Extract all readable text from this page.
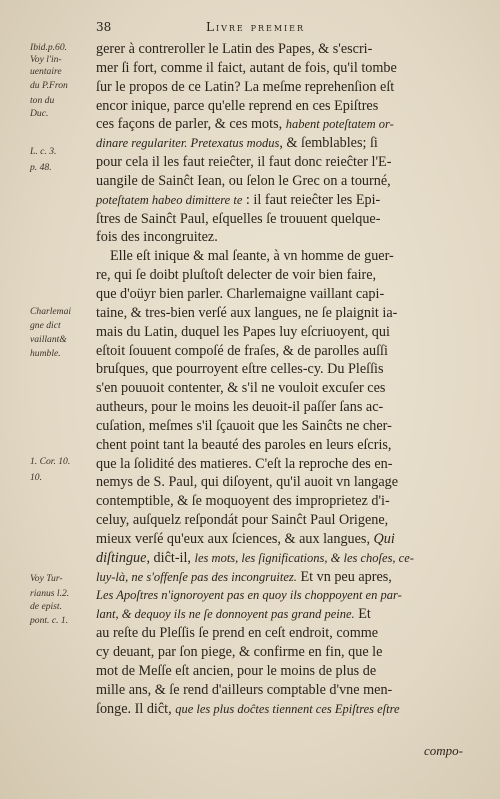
38	Livre premier
Ibid.p.60.
Voy l'in-
uentaire
du P.Fron
ton du
Duc.
L. c. 3.
p. 48.
Charlemai
gne dict
vaillant&
humble.
1. Cor. 10.
10.
Voy Tur-
rianus l.2.
de epist.
pont. c. 1.
gerer à contreroller le Latin des Papes, & s'escri-
mer ſi fort, comme il faict, autant de fois, qu'il tombe
ſur le propos de ce Latin? La meſme reprehenſion eſt
encor inique, parce qu'elle reprend en ces Epiſtres
ces façons de parler, & ces mots, habent poteſtatem or-
dinare regulariter. Pretexatus modus, & ſemblables; ſi
pour cela il les faut reieĉter, il faut donc reieĉter l'E-
uangile de Sainĉt Iean, ou ſelon le Grec on a tourné,
poteſtatem habeo dimittere te : il faut reieĉter les Epi-
ſtres de Sainĉt Paul, eſquelles ſe trouuent quelque-
fois des incongruitez.
Elle eſt inique & mal ſeante, à vn homme de guer-
re, qui ſe doibt pluſtoſt delecter de voir bien faire,
que d'oüyr bien parler. Charlemaigne vaillant capi-
taine, & tres-bien verſé aux langues, ne ſe plaignit ia-
mais du Latin, duquel les Papes luy eſcriuoyent, qui
eſtoit ſouuent compoſé de fraſes, & de parolles auſſi
bruſques, que pourroyent eſtre celles-cy. Du Pleſſis
s'en pouuoit contenter, & s'il ne vouloit excuſer ces
autheurs, pour le moins les deuoit-il paſſer ſans ac-
cuſation, meſmes s'il ſçauoit que les Sainĉts ne cher-
chent point tant la beauté des paroles en leurs eſcris,
que la ſolidité des matieres. C'eſt la reproche des en-
nemys de S. Paul, qui diſoyent, qu'il auoit vn langage
contemptible, & ſe moquoyent des improprietez d'i-
celuy, auſquelz reſpondát pour Sainĉt Paul Origene,
mieux verſé qu'eux aux ſciences, & aux langues, Qui
diſtingue, diĉt-il, les mots, les ſignifications, & les choſes, ce-
luy-là, ne s'offenſe pas des incongruitez. Et vn peu apres,
Les Apoſtres n'ignoroyent pas en quoy ils choppoyent en par-
lant, & dequoy ils ne ſe donnoyent pas grand peine. Et
au reſte du Pleſſis ſe prend en ceſt endroit, comme
cy deuant, par ſon piege, & confirme en fin, que le
mot de Meſſe eſt ancien, pour le moins de plus de
mille ans, & ſe rend d'ailleurs comptable d'vne men-
ſonge. Il diĉt, que les plus doĉtes tiennent ces Epiſtres eſtre
compo-
